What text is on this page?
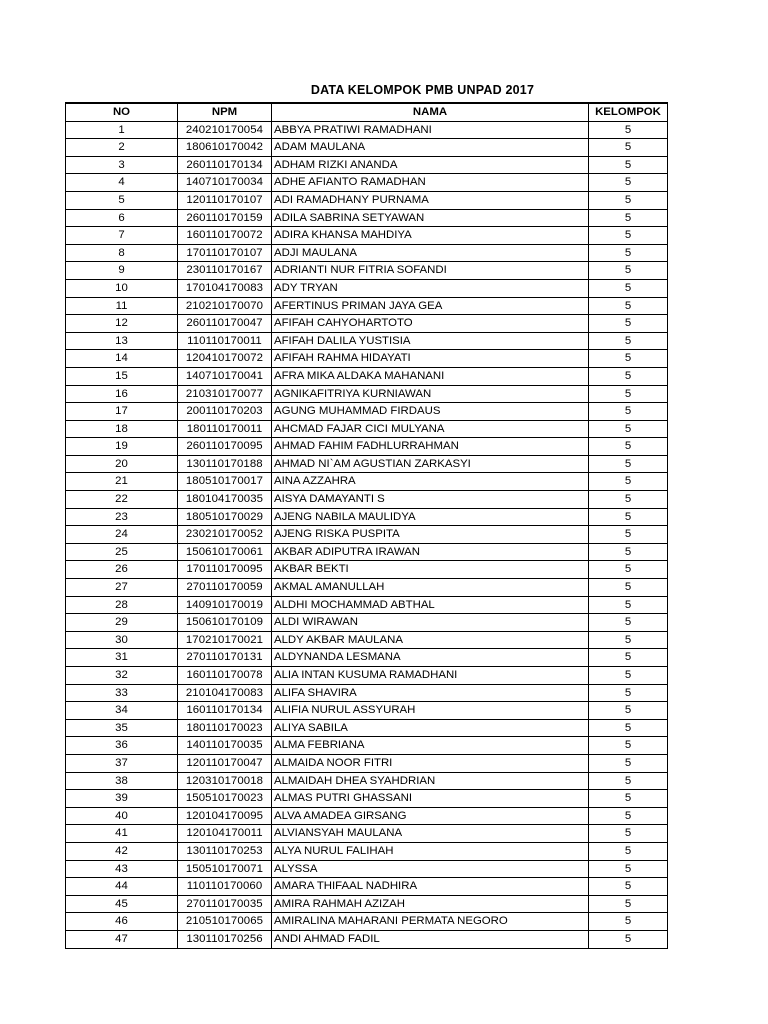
DATA KELOMPOK PMB UNPAD 2017
NO	NPM	NAMA	KELOMPOK
1	240210170054	ABBYA PRATIWI RAMADHANI	5
2	180610170042	ADAM MAULANA	5
3	260110170134	ADHAM RIZKI ANANDA	5
4	140710170034	ADHE AFIANTO RAMADHAN	5
5	120110170107	ADI RAMADHANY PURNAMA	5
6	260110170159	ADILA SABRINA SETYAWAN	5
7	160110170072	ADIRA KHANSA MAHDIYA	5
8	170110170107	ADJI MAULANA	5
9	230110170167	ADRIANTI NUR FITRIA SOFANDI	5
10	170104170083	ADY TRYAN	5
11	210210170070	AFERTINUS PRIMAN JAYA GEA	5
12	260110170047	AFIFAH CAHYOHARTOTO	5
13	110110170011	AFIFAH DALILA YUSTISIA	5
14	120410170072	AFIFAH RAHMA HIDAYATI	5
15	140710170041	AFRA MIKA ALDAKA MAHANANI	5
16	210310170077	AGNIKAFITRIYA KURNIAWAN	5
17	200110170203	AGUNG MUHAMMAD FIRDAUS	5
18	180110170011	AHCMAD FAJAR CICI MULYANA	5
19	260110170095	AHMAD FAHIM FADHLURRAHMAN	5
20	130110170188	AHMAD NI`AM AGUSTIAN ZARKASYI	5
21	180510170017	AINA AZZAHRA	5
22	180104170035	AISYA DAMAYANTI S	5
23	180510170029	AJENG NABILA MAULIDYA	5
24	230210170052	AJENG RISKA PUSPITA	5
25	150610170061	AKBAR ADIPUTRA IRAWAN	5
26	170110170095	AKBAR BEKTI	5
27	270110170059	AKMAL AMANULLAH	5
28	140910170019	ALDHI MOCHAMMAD ABTHAL	5
29	150610170109	ALDI WIRAWAN	5
30	170210170021	ALDY AKBAR MAULANA	5
31	270110170131	ALDYNANDA LESMANA	5
32	160110170078	ALIA INTAN KUSUMA RAMADHANI	5
33	210104170083	ALIFA SHAVIRA	5
34	160110170134	ALIFIA NURUL ASSYURAH	5
35	180110170023	ALIYA SABILA	5
36	140110170035	ALMA FEBRIANA	5
37	120110170047	ALMAIDA NOOR FITRI	5
38	120310170018	ALMAIDAH DHEA SYAHDRIAN	5
39	150510170023	ALMAS PUTRI GHASSANI	5
40	120104170095	ALVA AMADEA GIRSANG	5
41	120104170011	ALVIANSYAH MAULANA	5
42	130110170253	ALYA NURUL FALIHAH	5
43	150510170071	ALYSSA	5
44	110110170060	AMARA THIFAAL NADHIRA	5
45	270110170035	AMIRA RAHMAH AZIZAH	5
46	210510170065	AMIRALINA MAHARANI PERMATA NEGORO	5
47	130110170256	ANDI AHMAD FADIL	5
